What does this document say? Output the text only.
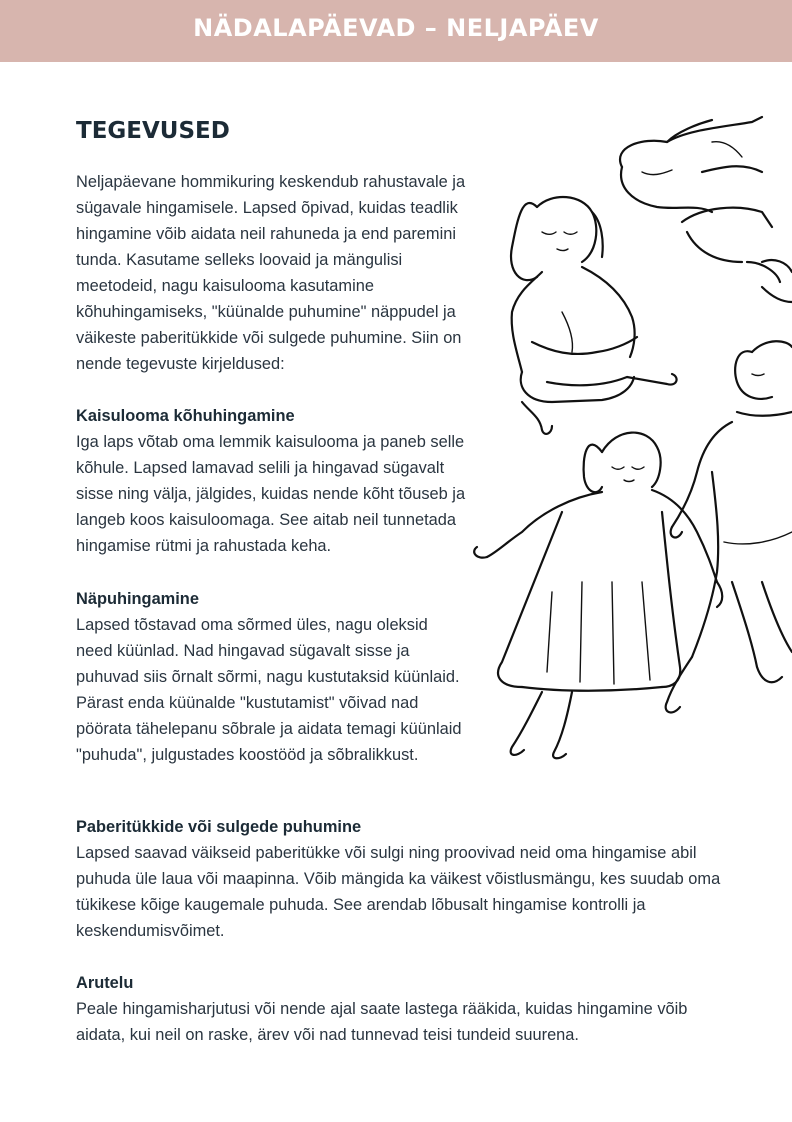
NÄDALAPÄEVAD – NELJAPÄEV
TEGEVUSED

Neljapäevane hommikuring keskendub rahustavale ja sügavale hingamisele. Lapsed õpivad, kuidas teadlik hingamine võib aidata neil rahuneda ja end paremini tunda. Kasutame selleks loovaid ja mängulisi meetodeid, nagu kaisulooma kasutamine kõhuhingamiseks, "küünalde puhumine" näppudel ja väikeste paberitükkide või sulgede puhumine. Siin on nende tegevuste kirjeldused:

Kaisulooma kõhuhingamine

Iga laps võtab oma lemmik kaisulooma ja paneb selle kõhule. Lapsed lamavad selili ja hingavad sügavalt sisse ning välja, jälgides, kuidas nende kõht tõuseb ja langeb koos kaisuloomaga. See aitab neil tunnetada hingamise rütmi ja rahustada keha.

Näpuhingamine

Lapsed tõstavad oma sõrmed üles, nagu oleksid need küünlad. Nad hingavad sügavalt sisse ja puhuvad siis õrnalt sõrmi, nagu kustutaksid küünlaid. Pärast enda küünalde "kustutamist" võivad nad pöörata tähelepanu sõbrale ja aidata temagi küünlaid "puhuda", julgustades koostööd ja sõbralikkust.

Paberitükkide või sulgede puhumine

Lapsed saavad väikseid paberitükke või sulgi ning proovivad neid oma hingamise abil puhuda üle laua või maapinna. Võib mängida ka väikest võistlusmängu, kes suudab oma tükikese kõige kaugemale puhuda. See arendab lõbusalt hingamise kontrolli ja keskendumisvõimet.

Arutelu

Peale hingamisharjutusi või nende ajal saate lastega rääkida, kuidas hingamine võib aidata, kui neil on raske, ärev või nad tunnevad teisi tundeid suurena.
